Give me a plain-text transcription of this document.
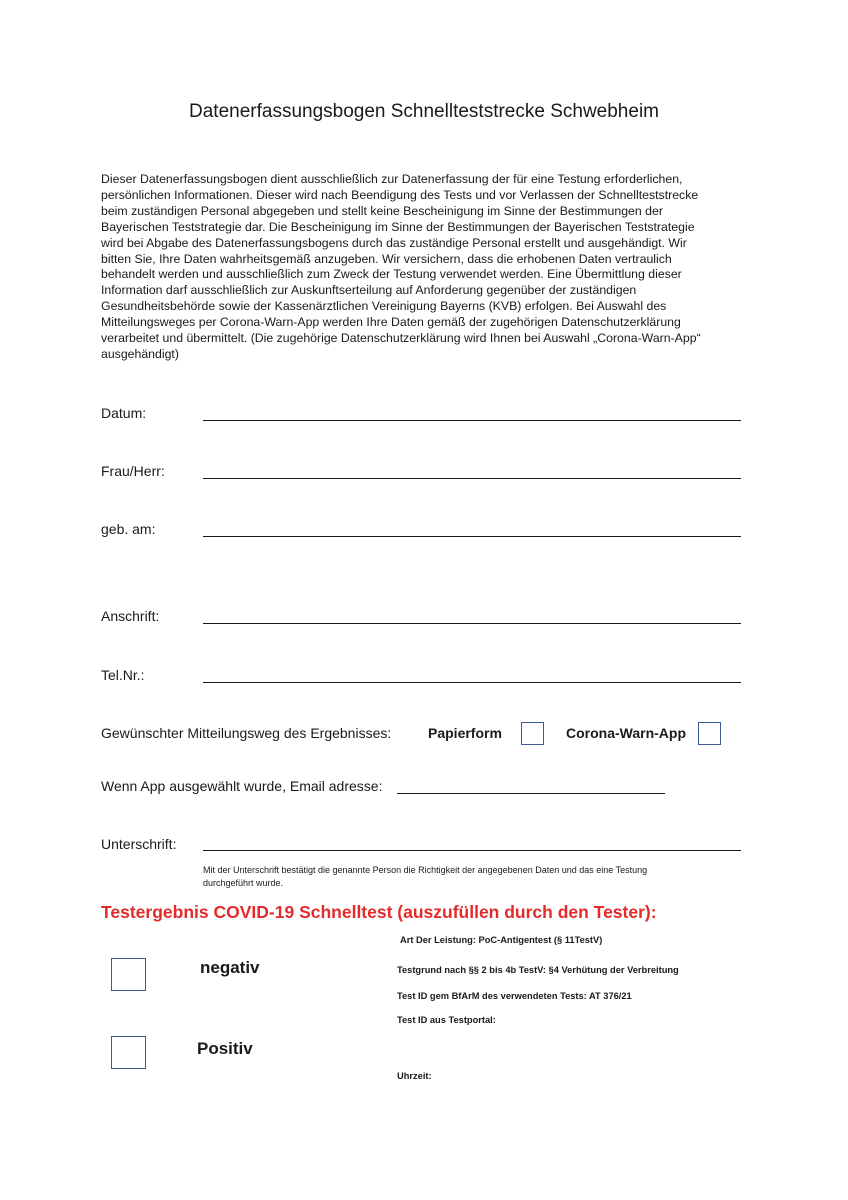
Datenerfassungsbogen Schnellteststrecke Schwebheim
Dieser Datenerfassungsbogen dient ausschließlich zur Datenerfassung der für eine Testung erforderlichen,
persönlichen Informationen. Dieser wird nach Beendigung des Tests und vor Verlassen der Schnellteststrecke
beim zuständigen Personal abgegeben und stellt keine Bescheinigung im Sinne der Bestimmungen der
Bayerischen Teststrategie dar. Die Bescheinigung im Sinne der Bestimmungen der Bayerischen Teststrategie
wird bei Abgabe des Datenerfassungsbogens durch das zuständige Personal erstellt und ausgehändigt. Wir
bitten Sie, Ihre Daten wahrheitsgemäß anzugeben. Wir versichern, dass die erhobenen Daten vertraulich
behandelt werden und ausschließlich zum Zweck der Testung verwendet werden. Eine Übermittlung dieser
Information darf ausschließlich zur Auskunftserteilung auf Anforderung gegenüber der zuständigen
Gesundheitsbehörde sowie der Kassenärztlichen Vereinigung Bayerns (KVB) erfolgen. Bei Auswahl des
Mitteilungsweges per Corona-Warn-App werden Ihre Daten gemäß der zugehörigen Datenschutzerklärung
verarbeitet und übermittelt. (Die zugehörige Datenschutzerklärung wird Ihnen bei Auswahl „Corona-Warn-App“
ausgehändigt)
Datum:
Frau/Herr:
geb. am:
Anschrift:
Tel.Nr.:
Gewünschter Mitteilungsweg des Ergebnisses:	Papierform	Corona-Warn-App
Wenn App ausgewählt wurde, Email adresse:
Unterschrift:
Mit der Unterschrift bestätigt die genannte Person die Richtigkeit der angegebenen Daten und das eine Testung
durchgeführt wurde.
Testergebnis COVID-19 Schnelltest (auszufüllen durch den Tester):
Art Der Leistung: PoC-Antigentest (§ 11TestV)
negativ	Testgrund nach §§ 2 bis 4b TestV: §4 Verhütung der Verbreitung
Test ID gem BfArM des verwendeten Tests: AT 376/21
Test ID aus Testportal:
Positiv
Uhrzeit:
